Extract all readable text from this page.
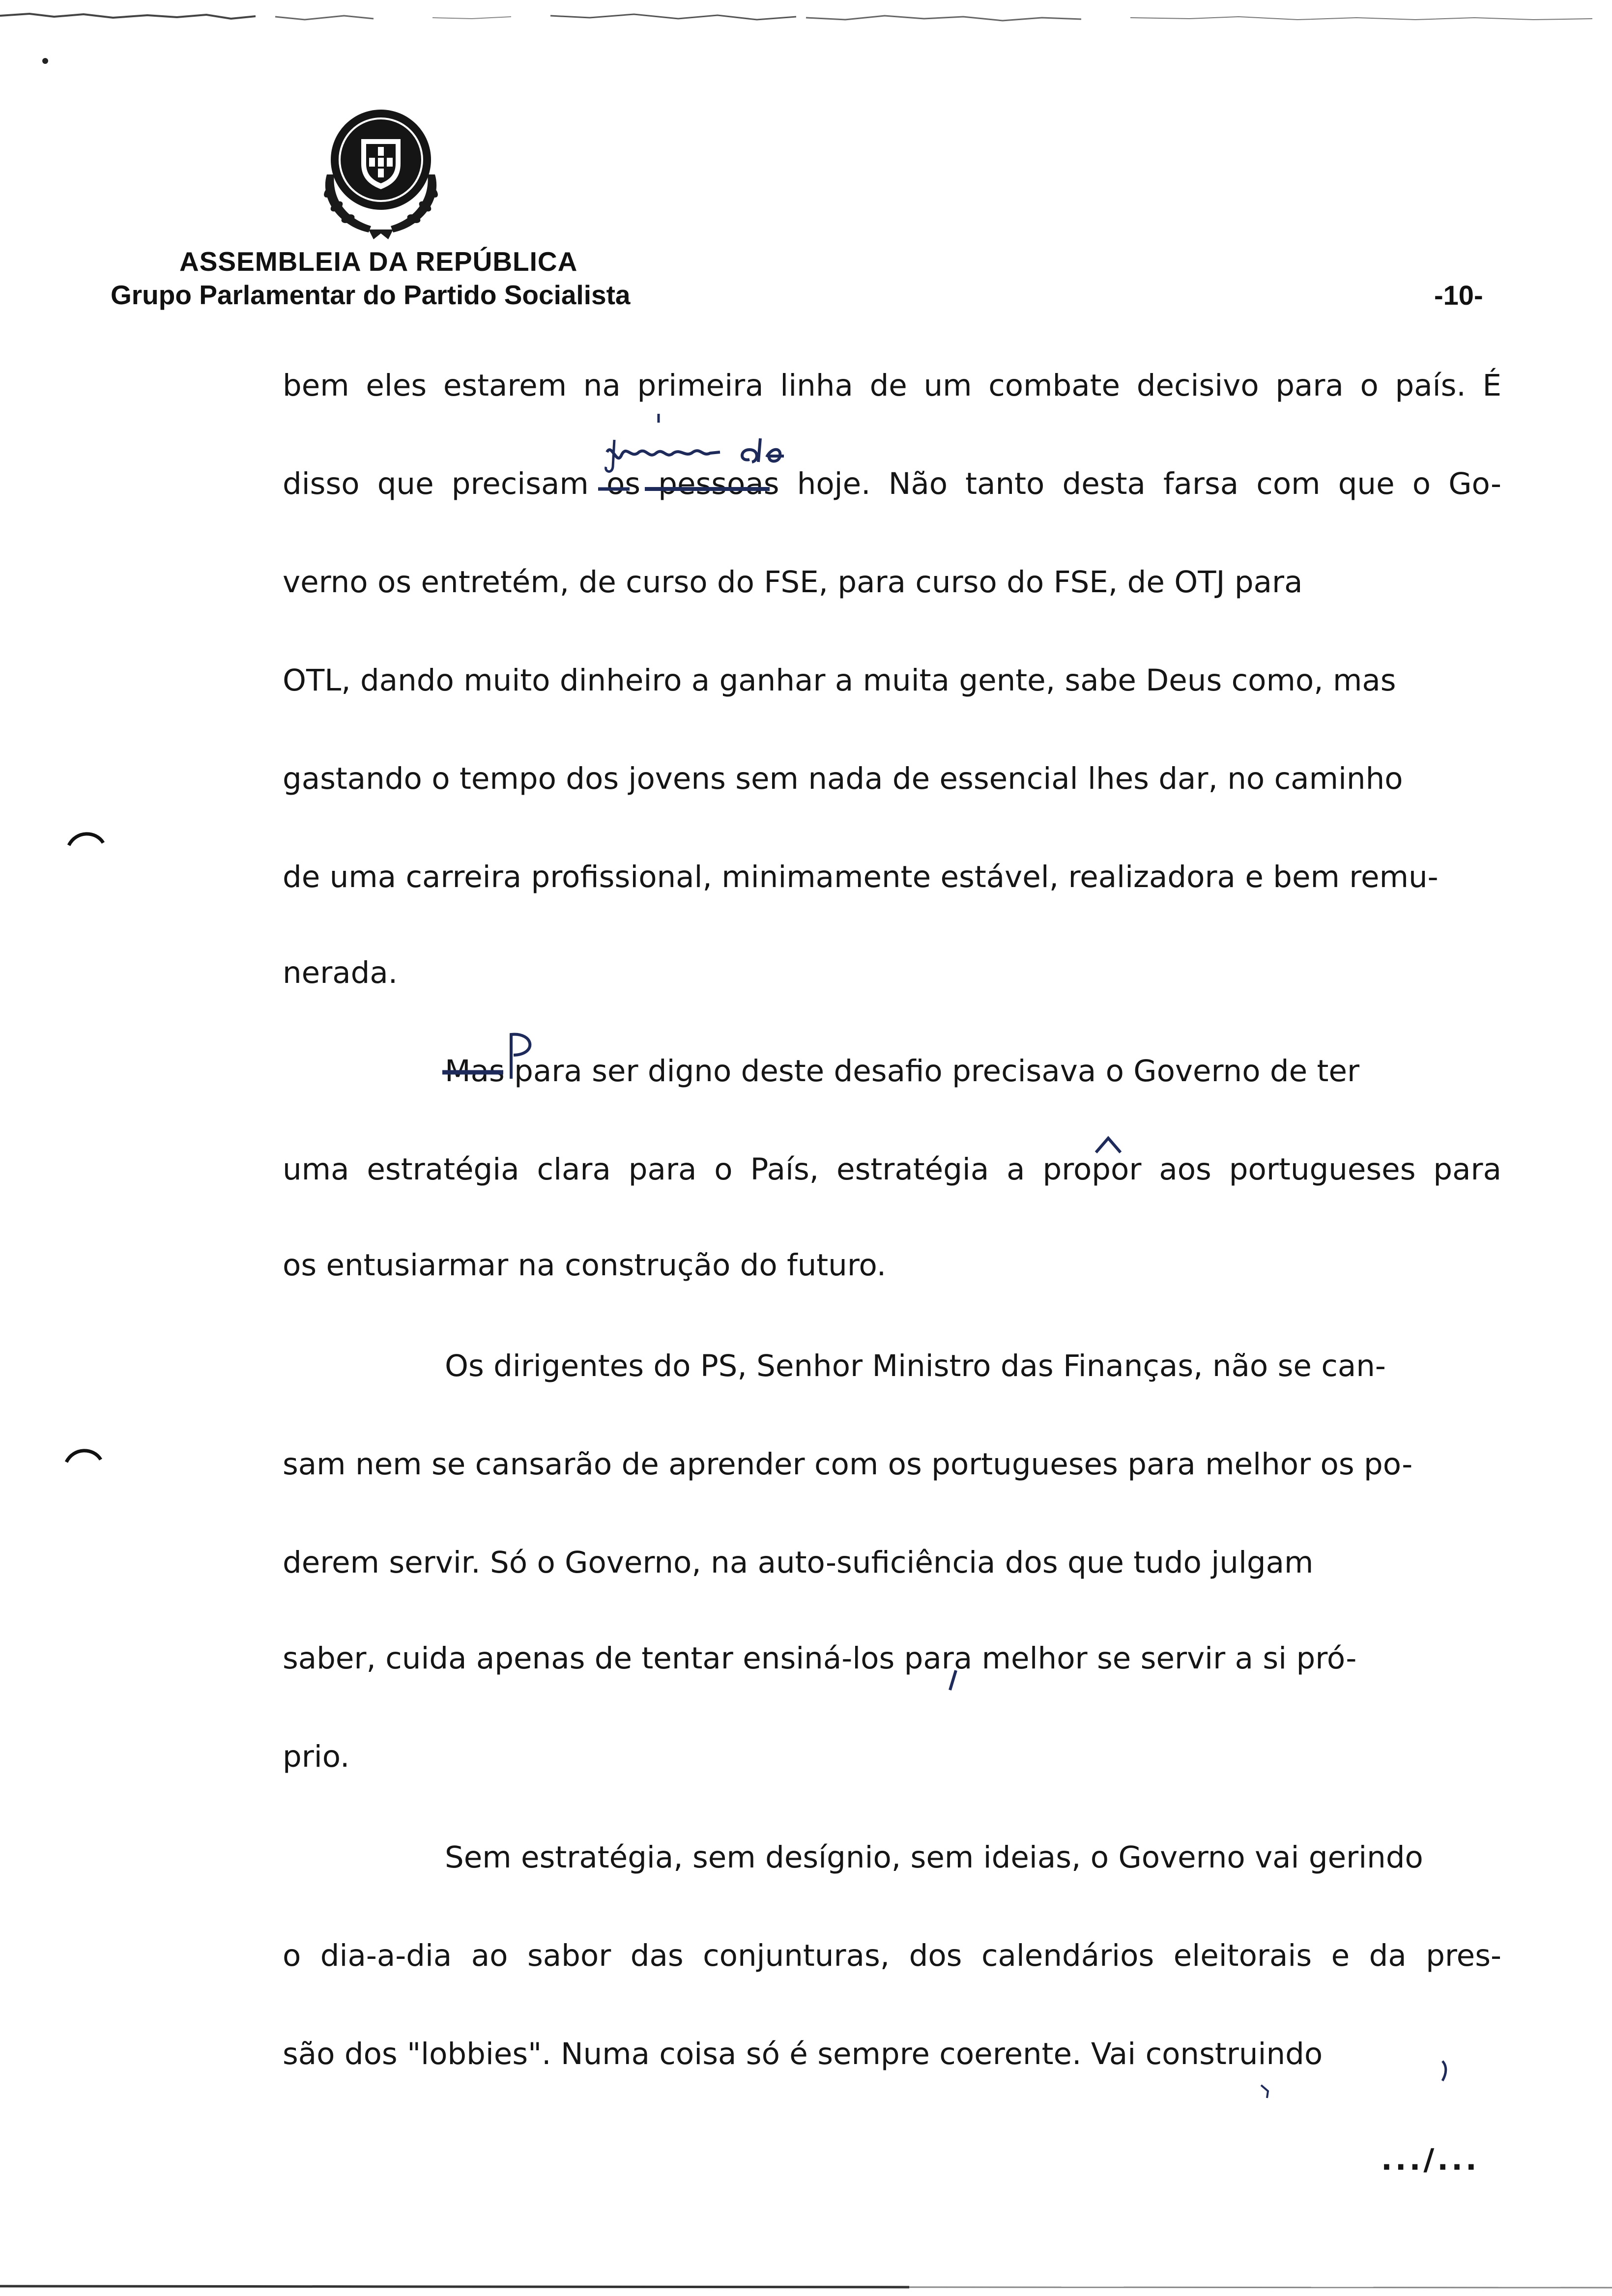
ASSEMBLEIA DA REPÚBLICA
Grupo Parlamentar do Partido Socialista	-10-
bem eles estarem na primeira linha de um combate decisivo para o país. É
disso que precisam os pessoas hoje. Não tanto desta farsa com que o Go-
verno os entretém, de curso do FSE, para curso do FSE, de OTJ para
OTL, dando muito dinheiro a ganhar a muita gente, sabe Deus como, mas
gastando o tempo dos jovens sem nada de essencial lhes dar, no caminho
de uma carreira profissional, minimamente estável, realizadora e bem remu-
nerada.
Mas para ser digno deste desafio precisava o Governo de ter
uma estratégia clara para o País, estratégia a propor aos portugueses para
os entusiarmar na construção do futuro.
Os dirigentes do PS, Senhor Ministro das Finanças, não se can-
sam nem se cansarão de aprender com os portugueses para melhor os po-
derem servir. Só o Governo, na auto-suficiência dos que tudo julgam
saber, cuida apenas de tentar ensiná-los para melhor se servir a si pró-
prio.
Sem estratégia, sem desígnio, sem ideias, o Governo vai gerindo
o dia-a-dia ao sabor das conjunturas, dos calendários eleitorais e da pres-
são dos "lobbies". Numa coisa só é sempre coerente. Vai construindo
.../...
